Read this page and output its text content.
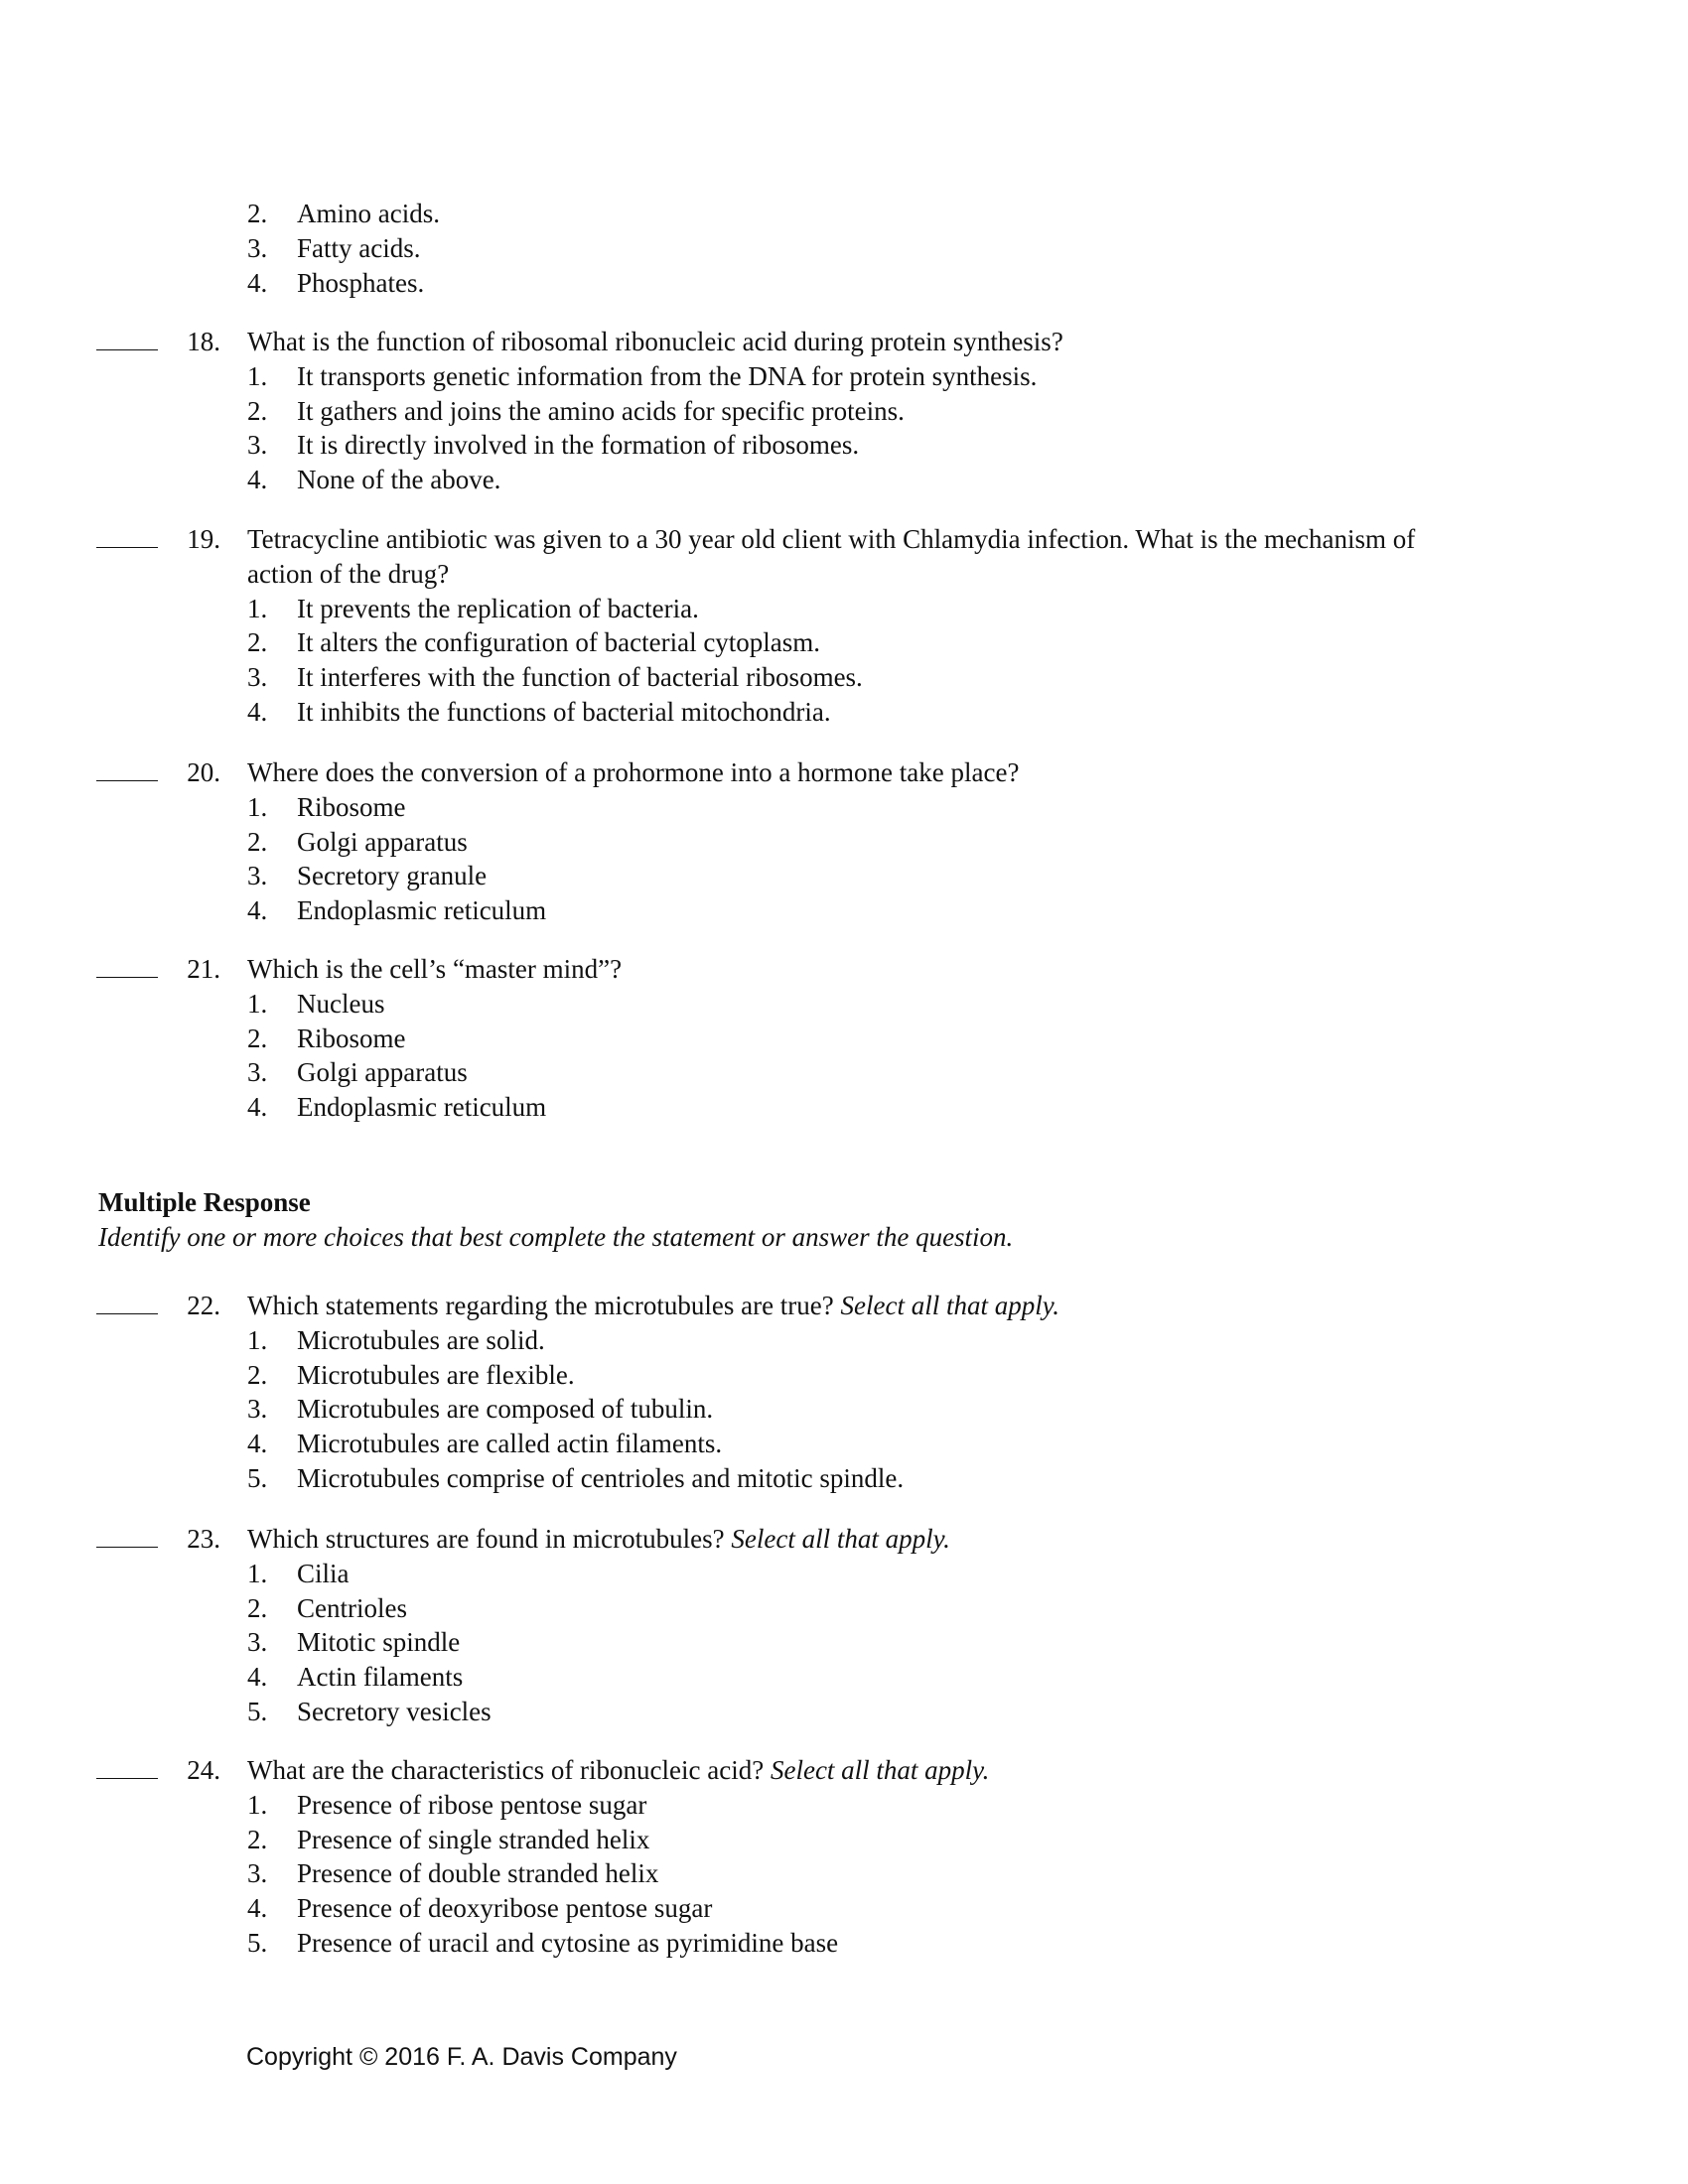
2. Amino acids.
3. Fatty acids.
4. Phosphates.
18. What is the function of ribosomal ribonucleic acid during protein synthesis?
1. It transports genetic information from the DNA for protein synthesis.
2. It gathers and joins the amino acids for specific proteins.
3. It is directly involved in the formation of ribosomes.
4. None of the above.
19. Tetracycline antibiotic was given to a 30 year old client with Chlamydia infection. What is the mechanism of
action of the drug?
1. It prevents the replication of bacteria.
2. It alters the configuration of bacterial cytoplasm.
3. It interferes with the function of bacterial ribosomes.
4. It inhibits the functions of bacterial mitochondria.
20. Where does the conversion of a prohormone into a hormone take place?
1. Ribosome
2. Golgi apparatus
3. Secretory granule
4. Endoplasmic reticulum
21. Which is the cell’s “master mind”?
1. Nucleus
2. Ribosome
3. Golgi apparatus
4. Endoplasmic reticulum
Multiple Response
Identify one or more choices that best complete the statement or answer the question.
22. Which statements regarding the microtubules are true? Select all that apply.
1. Microtubules are solid.
2. Microtubules are flexible.
3. Microtubules are composed of tubulin.
4. Microtubules are called actin filaments.
5. Microtubules comprise of centrioles and mitotic spindle.
23. Which structures are found in microtubules? Select all that apply.
1. Cilia
2. Centrioles
3. Mitotic spindle
4. Actin filaments
5. Secretory vesicles
24. What are the characteristics of ribonucleic acid? Select all that apply.
1. Presence of ribose pentose sugar
2. Presence of single stranded helix
3. Presence of double stranded helix
4. Presence of deoxyribose pentose sugar
5. Presence of uracil and cytosine as pyrimidine base
Copyright © 2016 F. A. Davis Company
